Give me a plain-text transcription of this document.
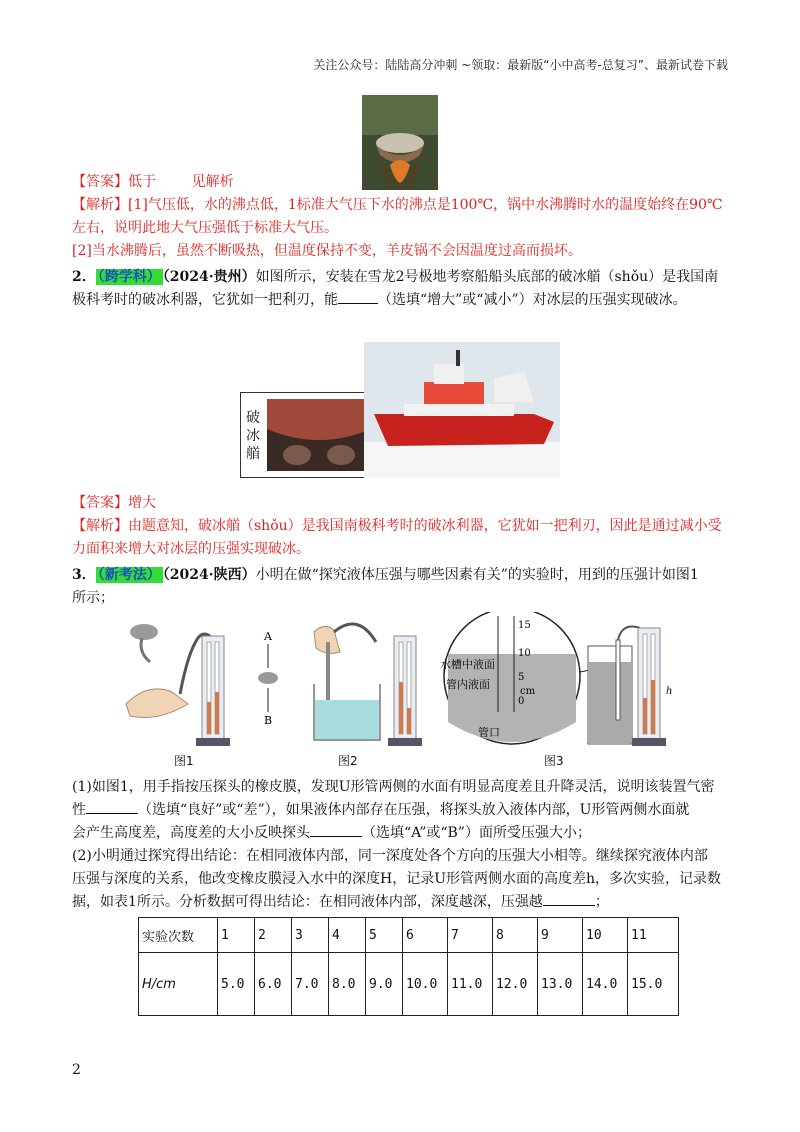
关注公众号：陆陆高分冲刺 ~领取：最新版“小中高考-总复习”、最新试卷下载
【答案】低于        见解析
【解析】[1]气压低，水的沸点低，1标准大气压下水的沸点是100℃，锅中水沸腾时水的温度始终在90℃
左右，说明此地大气压强低于标准大气压。
[2]当水沸腾后，虽然不断吸热，但温度保持不变，羊皮锅不会因温度过高而损坏。
2． （跨学科） （2024·贵州）如图所示，安装在雪龙2号极地考察船船头底部的破冰艏（shǒu）是我国南
极科考时的破冰利器，它犹如一把利刃，能	（选填“增大”或“减小”）对冰层的压强实现破冰。
破冰艏
【答案】增大
【解析】由题意知，破冰艏（shǒu）是我国南极科考时的破冰利器，它犹如一把利刃，因此是通过减小受
力面积来增大对冰层的压强实现破冰。
3． （新考法） （2024·陕西）小明在做“探究液体压强与哪些因素有关”的实验时，用到的压强计如图1
所示；
A
B
15
10
5
0
cm
水槽中液面
管内液面
管口
h
图1	图2	图3
(1)如图1，用手指按压探头的橡皮膜，发现U形管两侧的水面有明显高度差且升降灵活，说明该装置气密
性	（选填“良好”或“差”），如果液体内部存在压强，将探头放入液体内部，U形管两侧水面就
会产生高度差，高度差的大小反映探头	（选填“A”或“B”）面所受压强大小；
(2)小明通过探究得出结论：在相同液体内部，同一深度处各个方向的压强大小相等。继续探究液体内部
压强与深度的关系，他改变橡皮膜浸入水中的深度H，记录U形管两侧水面的高度差h，多次实验，记录数
据，如表1所示。分析数据可得出结论：在相同液体内部，深度越深，压强越	；
实验次数	1	2	3	4	5	6	7	8	9	10	11
H/cm	5.0	6.0	7.0	8.0	9.0	10.0	11.0	12.0	13.0	14.0	15.0
2
